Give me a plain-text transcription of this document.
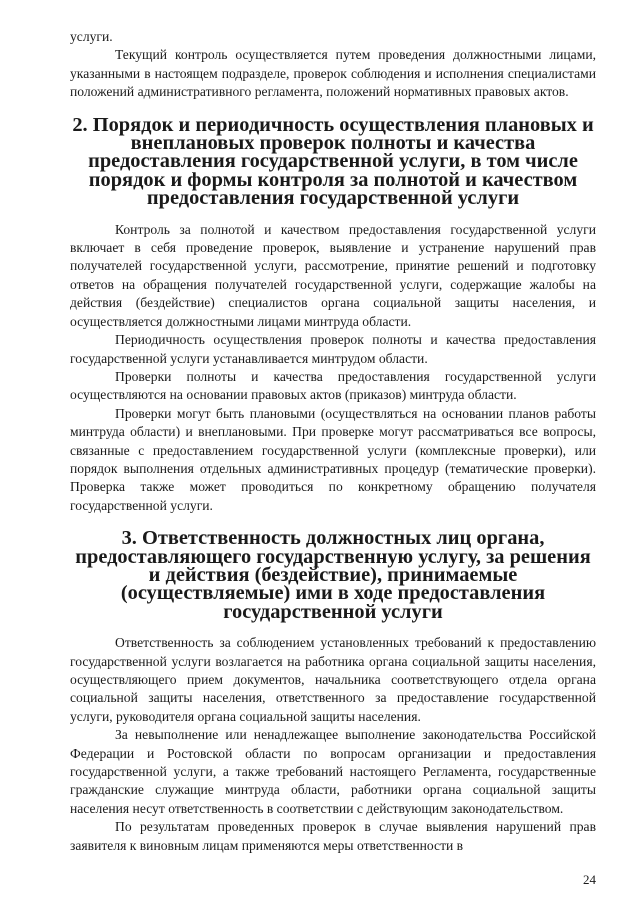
услуги.

Текущий контроль осуществляется путем проведения должностными лицами, указанными в настоящем подразделе, проверок соблюдения и исполнения специалистами положений административного регламента, положений нормативных правовых актов.

2. Порядок и периодичность осуществления плановых и внеплановых проверок полноты и качества предоставления государственной услуги, в том числе порядок и формы контроля за полнотой и качеством предоставления государственной услуги

Контроль за полнотой и качеством предоставления государственной услуги включает в себя проведение проверок, выявление и устранение нарушений прав получателей государственной услуги, рассмотрение, принятие решений и подготовку ответов на обращения получателей государственной услуги, содержащие жалобы на действия (бездействие) специалистов органа социальной защиты населения, и осуществляется должностными лицами минтруда области.

Периодичность осуществления проверок полноты и качества предоставления государственной услуги устанавливается минтрудом области.

Проверки полноты и качества предоставления государственной услуги осуществляются на основании правовых актов (приказов) минтруда области.

Проверки могут быть плановыми (осуществляться на основании планов работы минтруда области) и внеплановыми. При проверке могут рассматриваться все вопросы, связанные с предоставлением государственной услуги (комплексные проверки), или порядок выполнения отдельных административных процедур (тематические проверки). Проверка также может проводиться по конкретному обращению получателя государственной услуги.

3. Ответственность должностных лиц органа, предоставляющего государственную услугу, за решения и действия (бездействие), принимаемые (осуществляемые) ими в ходе предоставления государственной услуги

Ответственность за соблюдением установленных требований к предоставлению государственной услуги возлагается на работника органа социальной защиты населения, осуществляющего прием документов, начальника соответствующего отдела органа социальной защиты населения, ответственного за предоставление государственной услуги, руководителя органа социальной защиты населения.

За невыполнение или ненадлежащее выполнение законодательства Российской Федерации и Ростовской области по вопросам организации и предоставления государственной услуги, а также требований настоящего Регламента, государственные гражданские служащие минтруда области, работники органа социальной защиты населения несут ответственность в соответствии с действующим законодательством.

По результатам проведенных проверок в случае выявления нарушений прав заявителя к виновным лицам применяются меры ответственности в

24
